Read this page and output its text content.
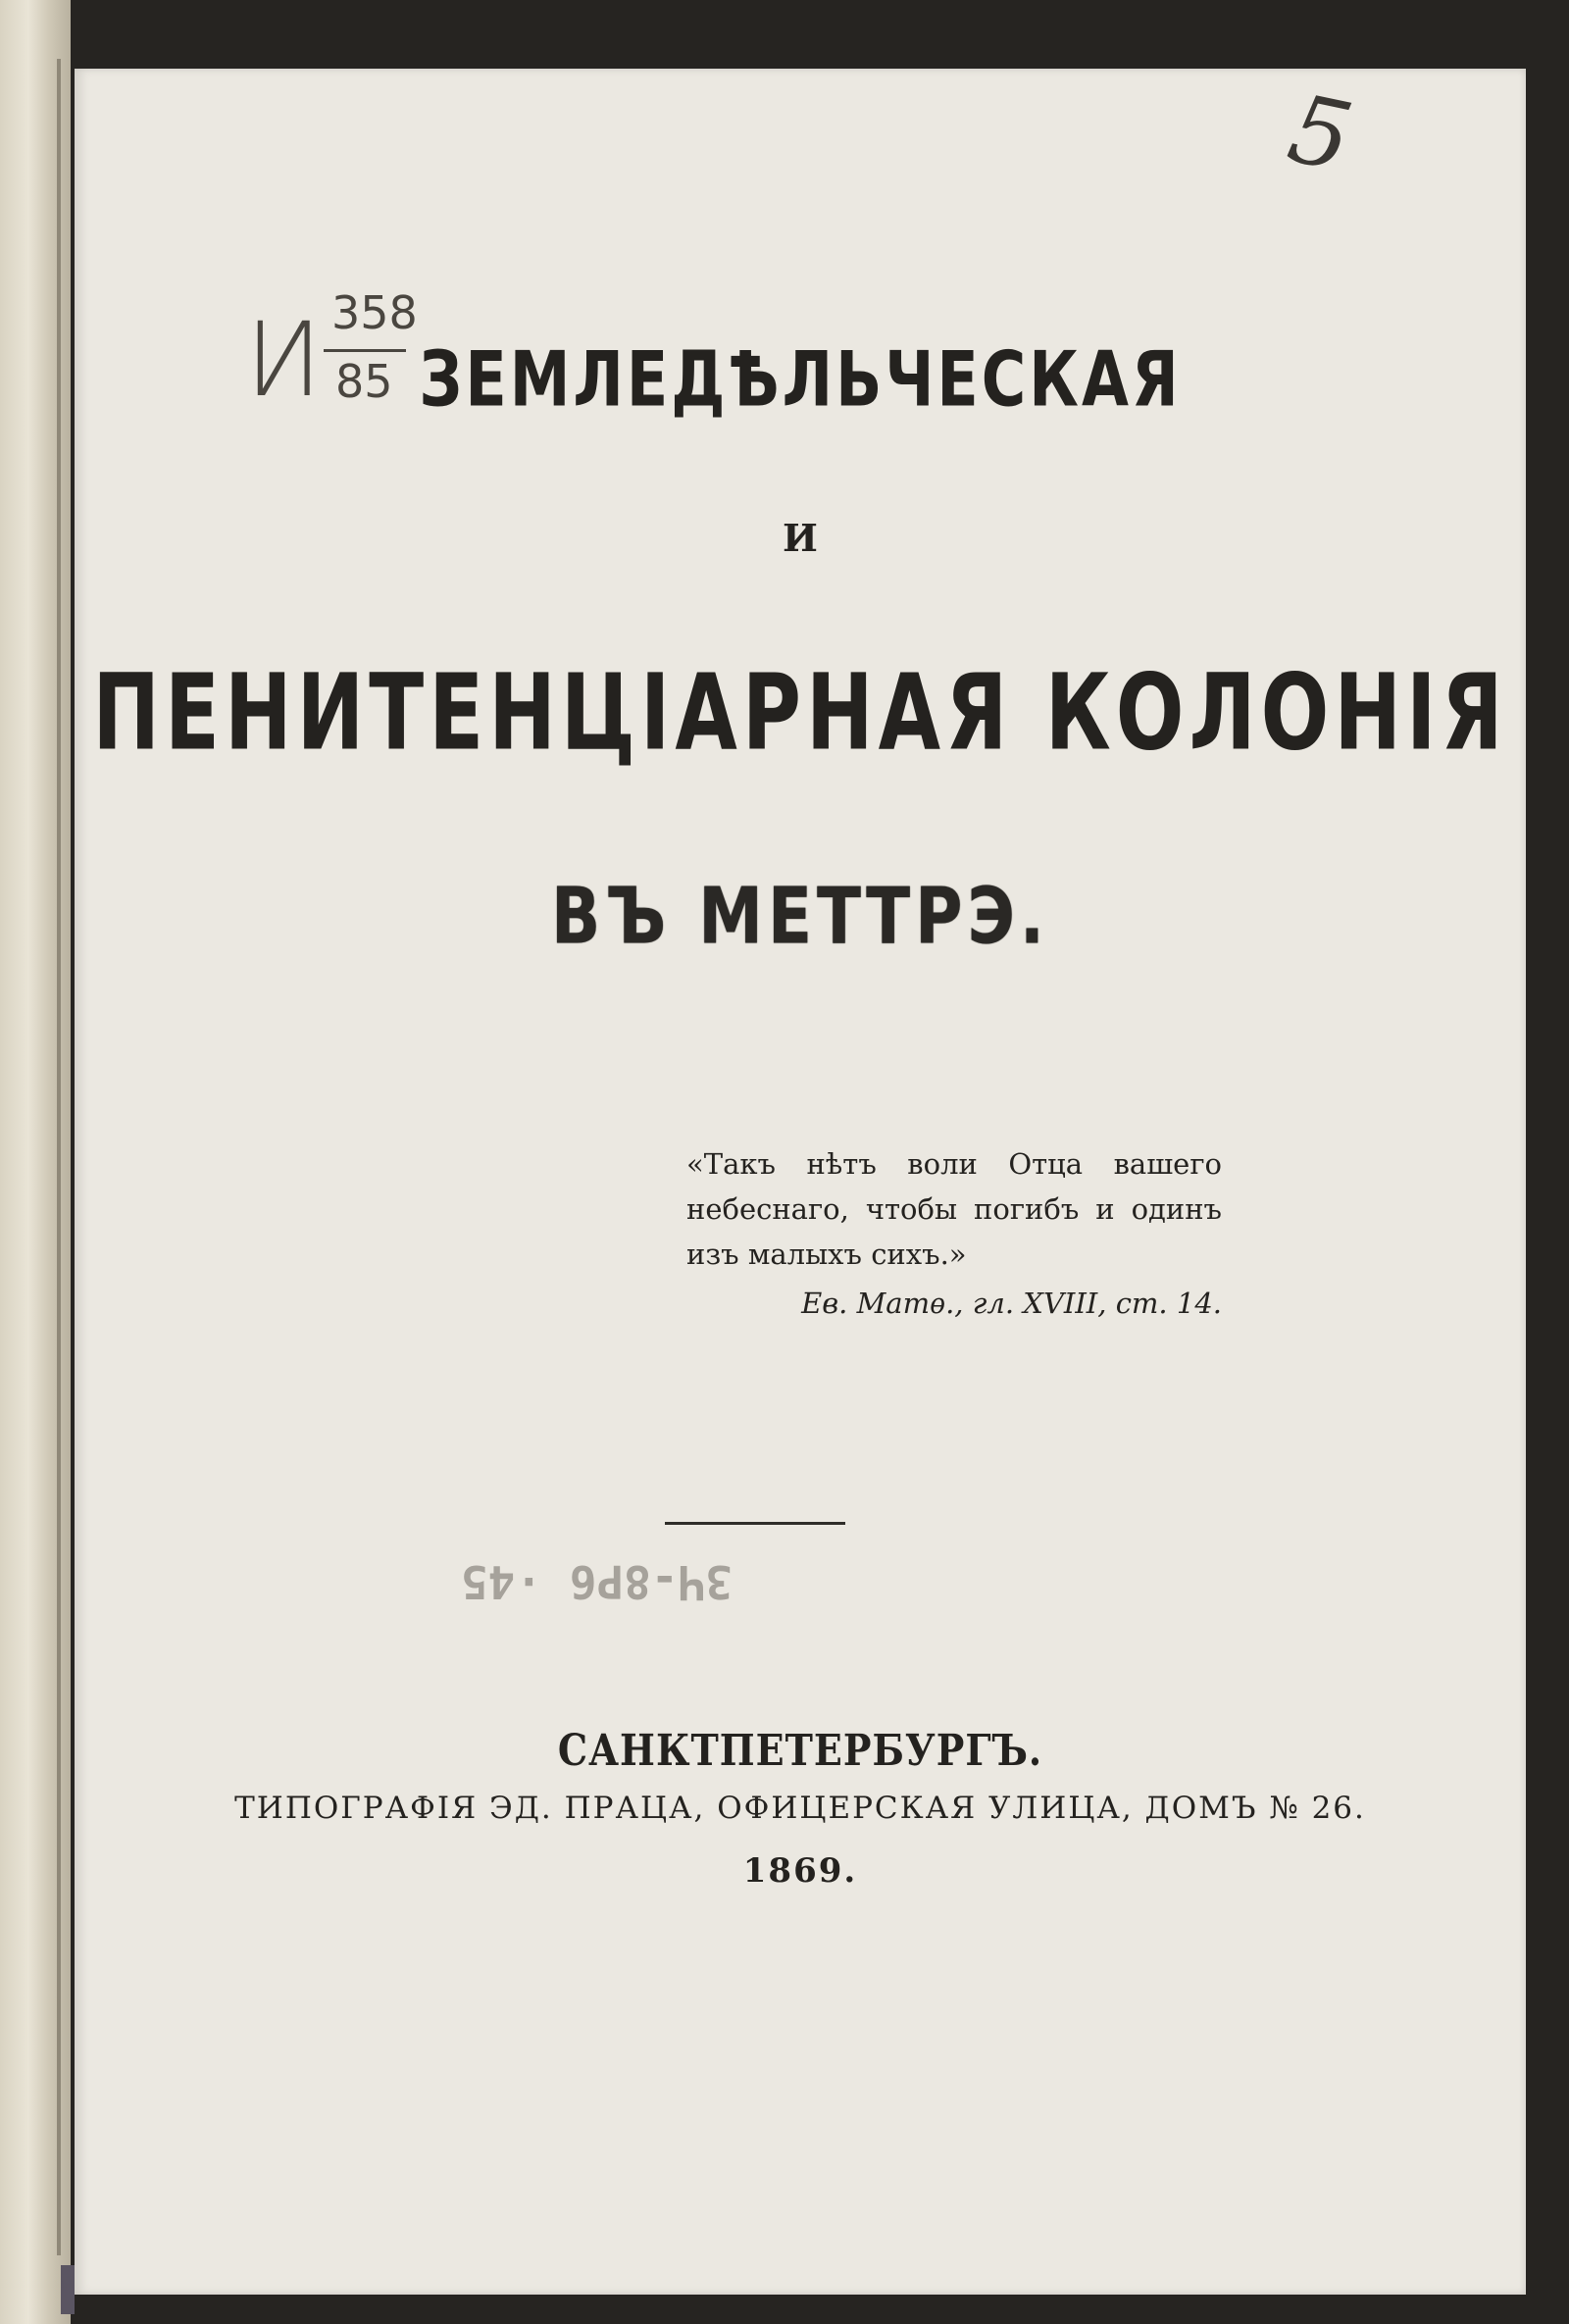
И 358
85
5
ЗЕМЛЕДѢЛЬЧЕСКАЯ
И
ПЕНИТЕНЦІАРНАЯ КОЛОНІЯ
ВЪ МЕТТРЭ.
«Такъ нѣтъ воли Отца вашего
небеснаго, чтобы погибъ и одинъ
изъ малыхъ сихъ.»
Ев. Матѳ., гл. XVIII, ст. 14.
ЗЧ-8Р6 ·45
САНКТПЕТЕРБУРГЪ.
ТИПОГРАФІЯ ЭД. ПРАЦА, ОФИЦЕРСКАЯ УЛИЦА, ДОМЪ № 26.
1869.
